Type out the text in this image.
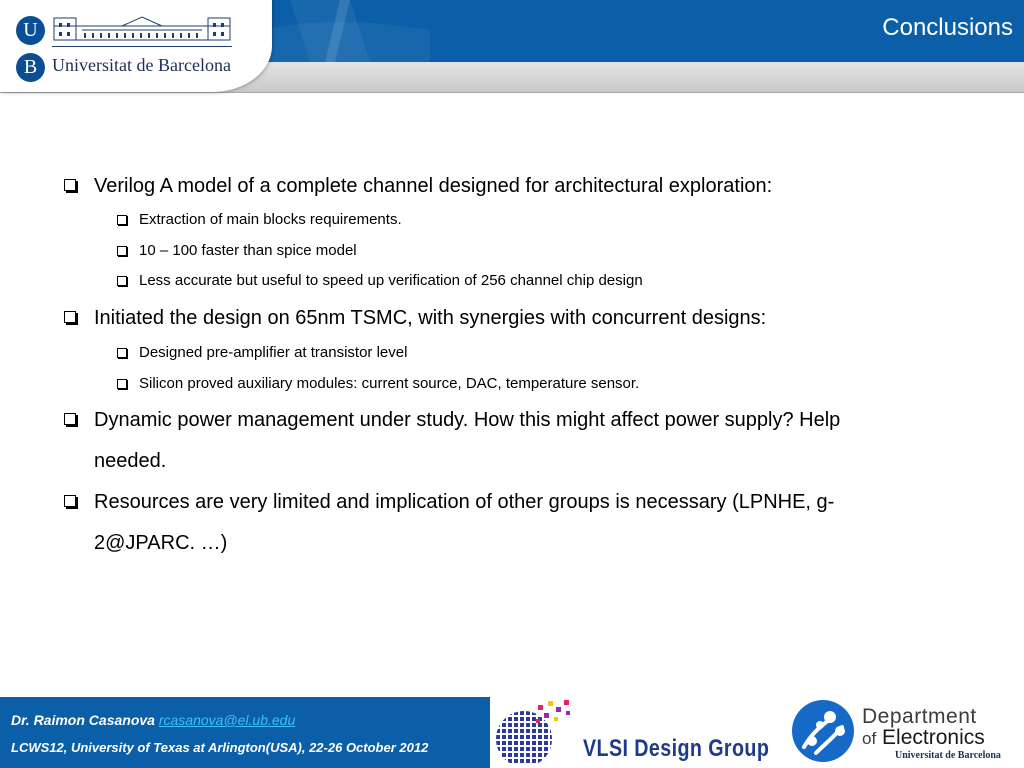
U
B Universitat de Barcelona
Conclusions
Verilog A model of a complete channel designed for architectural exploration:
Extraction of main blocks requirements.
10 – 100 faster than spice model
Less accurate but useful to speed up verification of 256 channel chip design
Initiated the design on 65nm TSMC, with synergies with concurrent designs:
Designed pre-amplifier at transistor level
Silicon proved auxiliary modules: current source, DAC, temperature sensor.
Dynamic power management under study. How this might affect power supply? Help
needed.
Resources are very limited and implication of other groups is necessary (LPNHE, g-
2@JPARC. …)
Dr. Raimon Casanova rcasanova@el.ub.edu
LCWS12, University of Texas at Arlington(USA), 22-26 October 2012	VLSI Design Group
Department
of Electronics
Universitat de Barcelona
